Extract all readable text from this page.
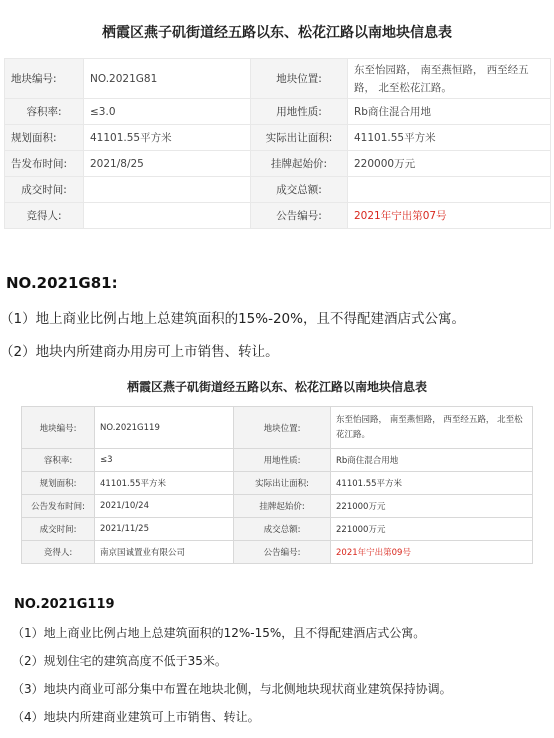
栖霞区燕子矶街道经五路以东、松花江路以南地块信息表
地块编号:	NO.2021G81	地块位置:	东至怡园路， 南至燕恒路， 西至经五路， 北至松花江路。
容积率:	≤3.0	用地性质:	Rb商住混合用地
规划面积:	41101.55平方米	实际出让面积:	41101.55平方米
告发布时间:	2021/8/25	挂牌起始价:	220000万元
成交时间:		成交总额:	
竞得人:		公告编号:	2021年宁出第07号
NO.2021G81:
（1）地上商业比例占地上总建筑面积的15%-20%，且不得配建酒店式公寓。
（2）地块内所建商办用房可上市销售、转让。
栖霞区燕子矶街道经五路以东、松花江路以南地块信息表
地块编号:	NO.2021G119	地块位置:	东至怡园路， 南至燕恒路， 西至经五路， 北至松花江路。
容积率:	≤3	用地性质:	Rb商住混合用地
规划面积:	41101.55平方米	实际出让面积:	41101.55平方米
公告发布时间:	2021/10/24	挂牌起始价:	221000万元
成交时间:	2021/11/25	成交总额:	221000万元
竞得人:	南京国诚置业有限公司	公告编号:	2021年宁出第09号
NO.2021G119
（1）地上商业比例占地上总建筑面积的12%-15%，且不得配建酒店式公寓。
（2）规划住宅的建筑高度不低于35米。
（3）地块内商业可部分集中布置在地块北侧，与北侧地块现状商业建筑保持协调。
（4）地块内所建商业建筑可上市销售、转让。
